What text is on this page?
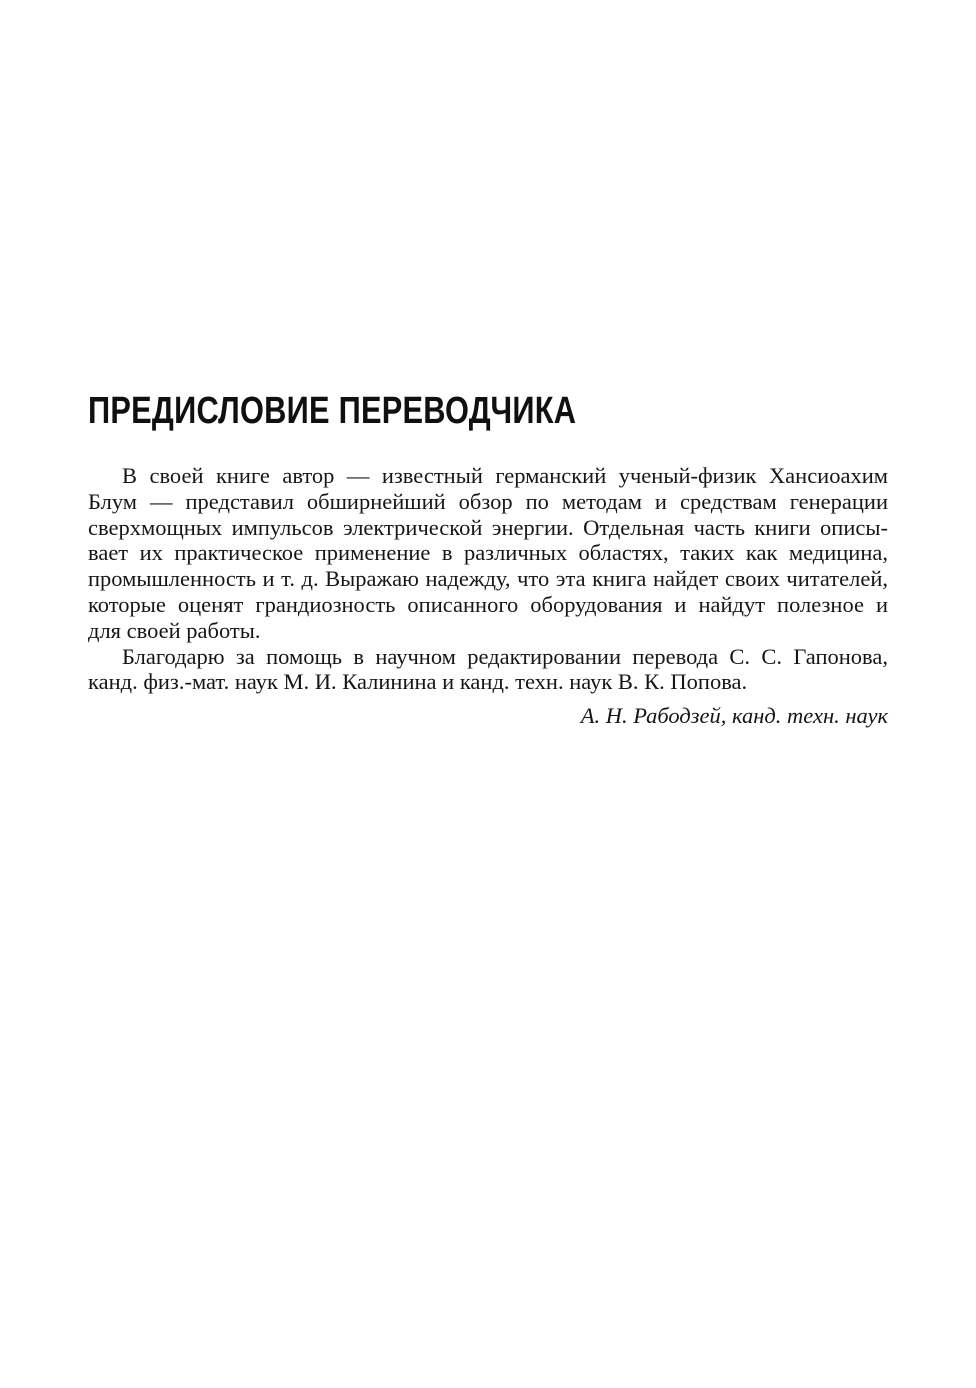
ПРЕДИСЛОВИЕ ПЕРЕВОДЧИКА
В своей книге автор — известный германский ученый-физик Хансиоахим
Блум — представил обширнейший обзор по методам и средствам генерации
сверхмощных импульсов электрической энергии. Отдельная часть книги описы-
вает их практическое применение в различных областях, таких как медицина,
промышленность и т. д. Выражаю надежду, что эта книга найдет своих читателей,
которые оценят грандиозность описанного оборудования и найдут полезное и
для своей работы.
Благодарю за помощь в научном редактировании перевода С. С. Гапонова,
канд. физ.-мат. наук М. И. Калинина и канд. техн. наук В. К. Попова.
А. Н. Рабодзей, канд. техн. наук
